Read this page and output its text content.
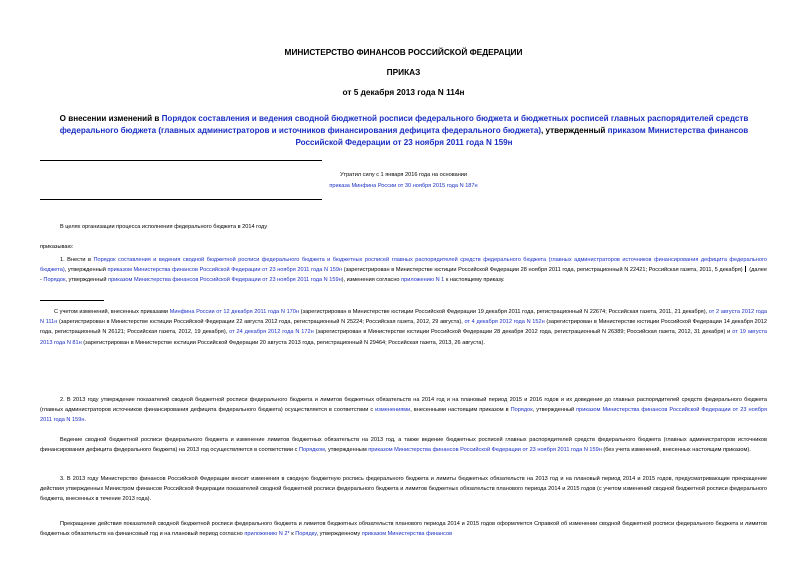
МИНИСТЕРСТВО ФИНАНСОВ РОССИЙСКОЙ ФЕДЕРАЦИИ
ПРИКАЗ
от 5 декабря 2013 года N 114н
О внесении изменений в Порядок составления и ведения сводной бюджетной росписи федерального бюджета и бюджетных росписей главных распорядителей средств федерального бюджета (главных администраторов и источников финансирования дефицита федерального бюджета), утвержденный приказом Министерства финансов Российской Федерации от 23 ноября 2011 года N 159н
Утратил силу с 1 января 2016 года на основании
приказа Минфина России от 30 ноября 2015 года N 187н
В целях организации процесса исполнения федерального бюджета в 2014 году
приказываю:
1. Внести в Порядок составления и ведения сводной бюджетной росписи федерального бюджета и бюджетных росписей главных распорядителей средств федерального бюджета (главных администраторов источников финансирования дефицита федерального бюджета), утвержденный приказом Министерства финансов Российской Федерации от 23 ноября 2011 года N 159н (зарегистрирован в Министерстве юстиции Российской Федерации 28 ноября 2011 года, регистрационный N 22421; Российская газета, 2011, 5 декабря) (далее - Порядок, утвержденный приказом Министерства финансов Российской Федерации от 23 ноября 2011 года N 159н), изменения согласно приложению N 1 к настоящему приказу.
С учетом изменений, внесенных приказами Минфина России от 12 декабря 2011 года N 170н (зарегистрирован в Министерстве юстиции Российской Федерации 19 декабря 2011 года, регистрационный N 22674; Российская газета, 2011, 21 декабря), от 2 августа 2012 года N 111н (зарегистрирован в Министерстве юстиции Российской Федерации 22 августа 2012 года, регистрационный N 25224; Российская газета, 2012, 29 августа), от 4 декабря 2012 года N 152н (зарегистрирован в Министерстве юстиции Российской Федерации 14 декабря 2012 года, регистрационный N 26121; Российская газета, 2012, 19 декабря), от 24 декабря 2012 года N 172н (зарегистрирован в Министерстве юстиции Российской Федерации 28 декабря 2012 года, регистрационный N 26389; Российская газета, 2012, 31 декабря) и от 19 августа 2013 года N 81н (зарегистрирован в Министерстве юстиции Российской Федерации 20 августа 2013 года, регистрационный N 29464; Российская газета, 2013, 26 августа).
2. В 2013 году утверждение показателей сводной бюджетной росписи федерального бюджета и лимитов бюджетных обязательств на 2014 год и на плановый период 2015 и 2016 годов и их доведение до главных распорядителей средств федерального бюджета (главных администраторов источников финансирования дефицита федерального бюджета) осуществляется в соответствии с изменениями, внесенными настоящим приказом в Порядок, утвержденный приказом Министерства финансов Российской Федерации от 23 ноября 2011 года N 159н.
Ведение сводной бюджетной росписи федерального бюджета и изменение лимитов бюджетных обязательств на 2013 год, а также ведение бюджетных росписей главных распорядителей средств федерального бюджета (главных администраторов источников финансирования дефицита федерального бюджета) на 2013 год осуществляется в соответствии с Порядком, утвержденным приказом Министерства финансов Российской Федерации от 23 ноября 2011 года N 159н (без учета изменений, внесенных настоящим приказом).
3. В 2013 году Министерство финансов Российской Федерации вносит изменения в сводную бюджетную роспись федерального бюджета и лимиты бюджетных обязательств на 2013 год и на плановый период 2014 и 2015 годов, предусматривающие прекращение действия утвержденных Министром финансов Российской Федерации показателей сводной бюджетной росписи федерального бюджета и лимитов бюджетных обязательств планового периода 2014 и 2015 годов (с учетом изменений сводной бюджетной росписи федерального бюджета, внесенных в течение 2013 года).
Прекращение действия показателей сводной бюджетной росписи федерального бюджета и лимитов бюджетных обязательств планового периода 2014 и 2015 годов оформляется Справкой об изменении сводной бюджетной росписи федерального бюджета и лимитов бюджетных обязательств на финансовый год и на плановый период согласно приложению N 2* к Порядку, утвержденному приказом Министерства финансов
